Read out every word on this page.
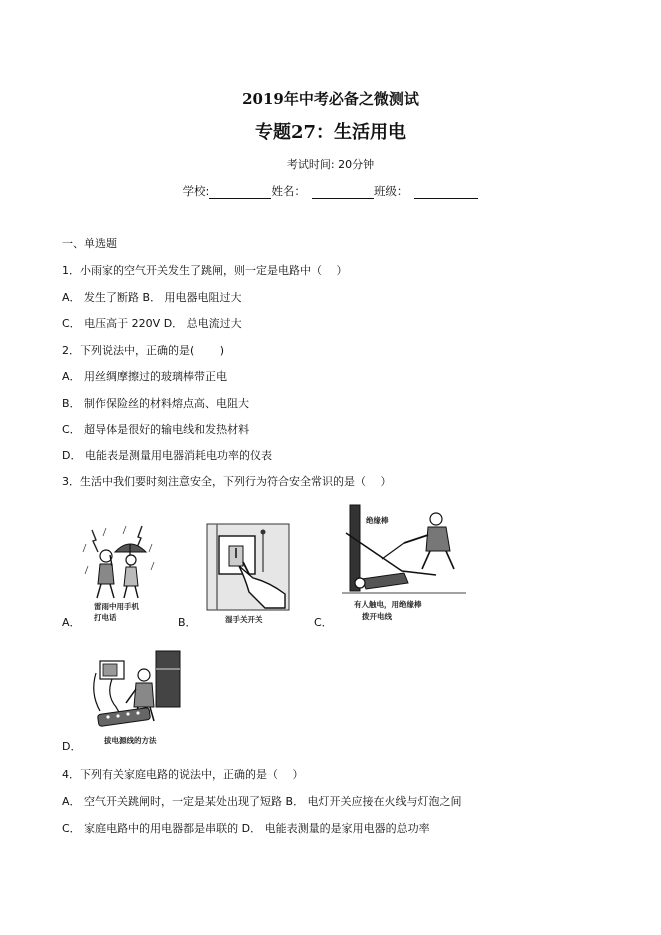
2019年中考必备之微测试
专题27：生活用电
考试时间: 20分钟
学校:	姓名：	班级：
一、单选题
1．小雨家的空气开关发生了跳闸，则一定是电路中（　 ）
A． 发生了断路 B． 用电器电阻过大
C． 电压高于 220V D． 总电流过大
2．下列说法中，正确的是(　　 )
A． 用丝绸摩擦过的玻璃棒带正电
B． 制作保险丝的材料熔点高、电阻大
C． 超导体是很好的输电线和发热材料
D． 电能表是测量用电器消耗电功率的仪表
3．生活中我们要时刻注意安全，下列行为符合安全常识的是（　 ）
雷雨中用手机
打电话
A．	湿手关开关
B．
绝缘棒
有人触电，用绝缘棒
拨开电线
C．
拔电源线的方法
D．
4．下列有关家庭电路的说法中，正确的是（　 ）
A． 空气开关跳闸时，一定是某处出现了短路 B． 电灯开关应接在火线与灯泡之间
C． 家庭电路中的用电器都是串联的 D． 电能表测量的是家用电器的总功率
